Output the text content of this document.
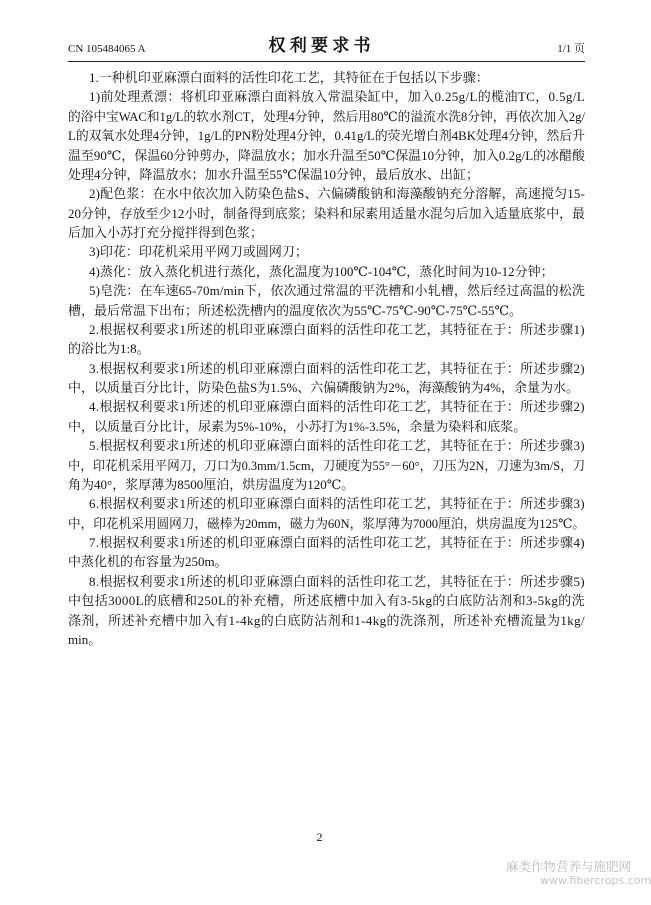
CN 105484065 A	权 利 要 求 书	1/1 页
1.一种机印亚麻漂白面料的活性印花工艺，其特征在于包括以下步骤：
1)前处理煮漂：将机印亚麻漂白面料放入常温染缸中，加入0.25g/L的榄油TC，0.5g/L
的浴中宝WAC和1g/L的软水剂CT，处理4分钟，然后用80℃的溢流水洗8分钟，再依次加入2g/
L的双氧水处理4分钟，1g/L的PN粉处理4分钟，0.41g/L的荧光增白剂4BK处理4分钟，然后升
温至90℃，保温60分钟剪办，降温放水；加水升温至50℃保温10分钟，加入0.2g/L的冰醋酸
处理4分钟，降温放水；加水升温至55℃保温10分钟，最后放水、出缸；
2)配色浆：在水中依次加入防染色盐S、六偏磷酸钠和海藻酸钠充分溶解，高速搅匀15-
20分钟，存放至少12小时，制备得到底浆；染料和尿素用适量水混匀后加入适量底浆中，最
后加入小苏打充分搅拌得到色浆；
3)印花：印花机采用平网刀或圆网刀；
4)蒸化：放入蒸化机进行蒸化，蒸化温度为100℃-104℃，蒸化时间为10-12分钟；
5)皂洗：在车速65-70m/min下，依次通过常温的平洗槽和小轧槽，然后经过高温的松洗
槽，最后常温下出布；所述松洗槽内的温度依次为55℃-75℃-90℃-75℃-55℃。
2.根据权利要求1所述的机印亚麻漂白面料的活性印花工艺，其特征在于：所述步骤1)
的浴比为1:8。
3.根据权利要求1所述的机印亚麻漂白面料的活性印花工艺，其特征在于：所述步骤2)
中，以质量百分比计，防染色盐S为1.5%、六偏磷酸钠为2%，海藻酸钠为4%，余量为水。
4.根据权利要求1所述的机印亚麻漂白面料的活性印花工艺，其特征在于：所述步骤2)
中，以质量百分比计，尿素为5%-10%，小苏打为1%-3.5%，余量为染料和底浆。
5.根据权利要求1所述的机印亚麻漂白面料的活性印花工艺，其特征在于：所述步骤3)
中，印花机采用平网刀，刀口为0.3mm/1.5cm，刀硬度为55°－60°，刀压为2N，刀速为3m/S，刀
角为40°，浆厚薄为8500厘泊，烘房温度为120℃。
6.根据权利要求1所述的机印亚麻漂白面料的活性印花工艺，其特征在于：所述步骤3)
中，印花机采用圆网刀，磁棒为20mm，磁力为60N，浆厚薄为7000厘泊，烘房温度为125℃。
7.根据权利要求1所述的机印亚麻漂白面料的活性印花工艺，其特征在于：所述步骤4)
中蒸化机的布容量为250m。
8.根据权利要求1所述的机印亚麻漂白面料的活性印花工艺，其特征在于：所述步骤5)
中包括3000L的底槽和250L的补充槽，所述底槽中加入有3-5kg的白底防沾剂和3-5kg的洗
涤剂，所述补充槽中加入有1-4kg的白底防沾剂和1-4kg的洗涤剂，所述补充槽流量为1kg/
min。
2
麻类作物营养与施肥网
www.fibercrops.com
